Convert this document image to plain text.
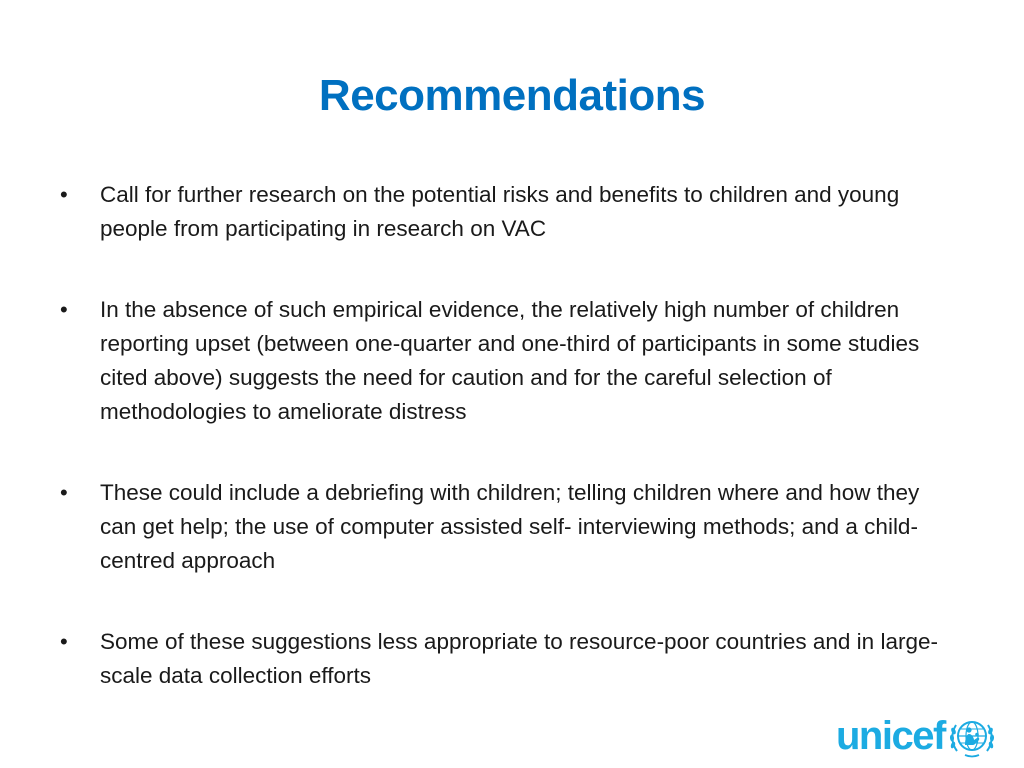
Recommendations
•	Call for further research on the potential risks and benefits to children and young people from participating in research on VAC
•	In the absence of such empirical evidence, the relatively high number of children reporting upset (between one-quarter and one-third of participants in some studies cited above) suggests the need for caution and for the careful selection of methodologies to ameliorate distress
•	These could include a debriefing with children; telling children where and how they can get help; the use of computer assisted self- interviewing methods; and a child-centred approach
•	Some of these suggestions less appropriate to resource-poor countries and in large-scale data collection efforts
unicef
